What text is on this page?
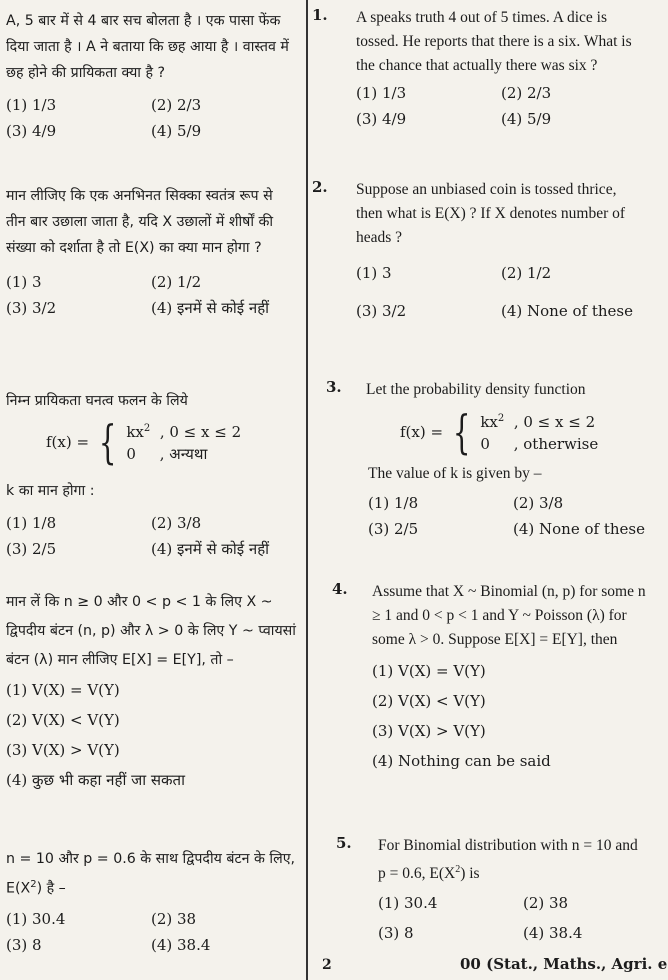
A, 5 बार में से 4 बार सच बोलता है । एक पासा फेंक दिया जाता है । A ने बताया कि छह आया है । वास्तव में छह होने की प्रायिकता क्या है ?

(1) 1/3	(2) 2/3
(3) 4/9	(4) 5/9

मान लीजिए कि एक अनभिनत सिक्का स्वतंत्र रूप से तीन बार उछाला जाता है, यदि X उछालों में शीर्षों की संख्या को दर्शाता है तो E(X) का क्या मान होगा ?

(1) 3	(2) 1/2
(3) 3/2	(4) इनमें से कोई नहीं

निम्न प्रायिकता घनत्व फलन के लिये

f(x) = { $kx^2$ , 0 ≤ x ≤ 2
0 , अन्यथा

k का मान होगा :

(1) 1/8	(2) 3/8
(3) 2/5	(4) इनमें से कोई नहीं

मान लें कि n ≥ 0 और 0 < p < 1 के लिए X ~ द्विपदीय बंटन (n, p) और λ > 0 के लिए Y ~ प्वायसां बंटन (λ) मान लीजिए E[X] = E[Y], तो –

(1) V(X) = V(Y)
(2) V(X) < V(Y)
(3) V(X) > V(Y)
(4) कुछ भी कहा नहीं जा सकता

n = 10 और p = 0.6 के साथ द्विपदीय बंटन के लिए, $E(X^2)$ है –

(1) 30.4	(2) 38
(3) 8	(4) 38.4
1. A speaks truth 4 out of 5 times. A dice is tossed. He reports that there is a six. What is the chance that actually there was six ?

(1) 1/3	(2) 2/3
(3) 4/9	(4) 5/9
2. Suppose an unbiased coin is tossed thrice, then what is E(X) ? If X denotes number of heads ?

(1) 3	(2) 1/2
(3) 3/2	(4) None of these
3. Let the probability density function

f(x) = { $kx^2$ , 0 ≤ x ≤ 2
0 , otherwise

The value of k is given by –

(1) 1/8	(2) 3/8
(3) 2/5	(4) None of these
4. Assume that X ~ Binomial (n, p) for some n ≥ 1 and 0 < p < 1 and Y ~ Poisson (λ) for some λ > 0. Suppose E[X] = E[Y], then

(1) V(X) = V(Y)
(2) V(X) < V(Y)
(3) V(X) > V(Y)
(4) Nothing can be said
5. For Binomial distribution with n = 10 and p = 0.6, $E(X^2)$ is

(1) 30.4	(2) 38
(3) 8	(4) 38.4
2	00 (Stat., Maths., Agri. e
